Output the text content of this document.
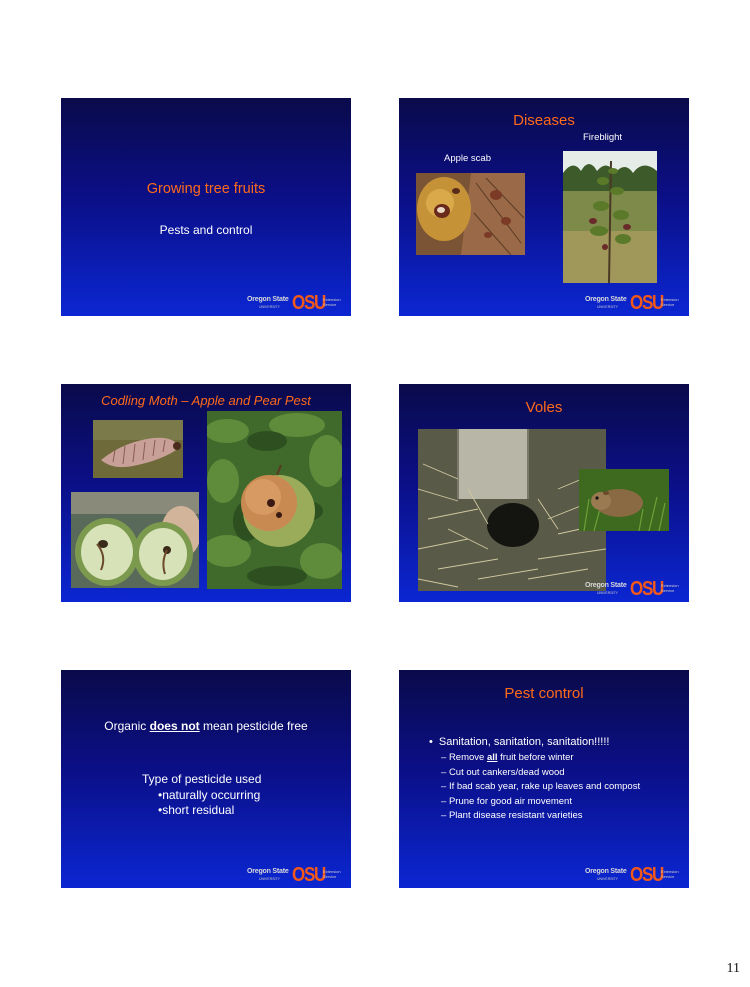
Growing tree fruits
Pests and control
Oregon State
UNIVERSITY OSU
Extension
Service
Diseases
Fireblight
Apple scab
Oregon State
UNIVERSITY OSU
Extension
Service
Codling Moth – Apple and Pear Pest	Voles
Oregon State
UNIVERSITY OSU
Extension
Service
Organic does not mean pesticide free
Type of pesticide used
•naturally occurring
•short residual
Oregon State
UNIVERSITY OSU
Extension
Service
Pest control
• Sanitation, sanitation, sanitation!!!!!
– Remove all fruit before winter
– Cut out cankers/dead wood
– If bad scab year, rake up leaves and compost
– Prune for good air movement
– Plant disease resistant varieties
Oregon State
UNIVERSITY OSU
Extension
Service
11
